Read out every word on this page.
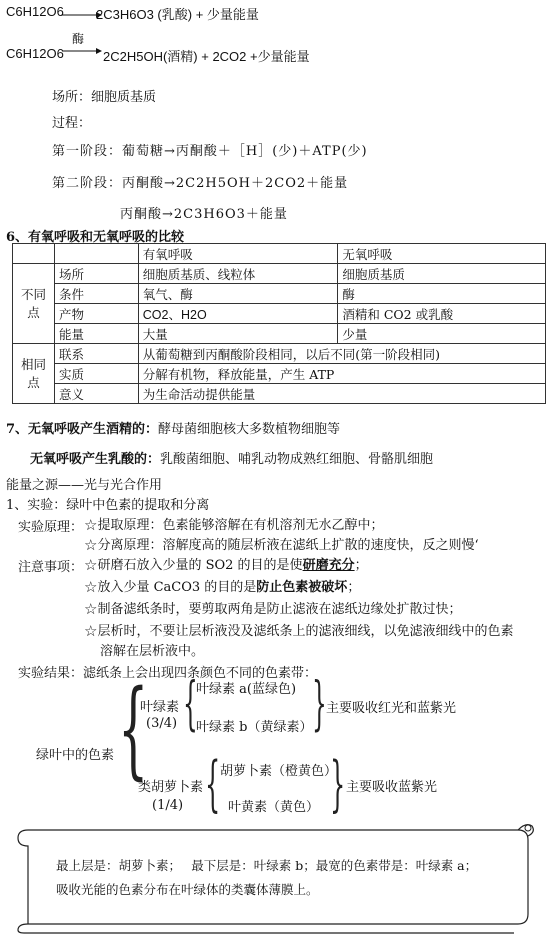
C6H12O6 2C3H6O3 (乳酸) + 少量能量
C6H12O6
酶
2C2H5OH(酒精) + 2CO2 +少量能量
场所：细胞质基质
过程：
第一阶段：葡萄糖→丙酮酸＋［H］(少)＋ATP(少)
第二阶段：丙酮酸→2C2H5OH＋2CO2＋能量
丙酮酸→2C3H6O3＋能量
6、有氧呼吸和无氧呼吸的比较
		有氧呼吸	无氧呼吸
不同点	场所	细胞质基质、线粒体	细胞质基质
	条件	氧气、酶	酶
	产物	CO2、H2O	酒精和 CO2 或乳酸
	能量	大量	少量
相同点	联系	从葡萄糖到丙酮酸阶段相同，以后不同(第一阶段相同)	
	实质	分解有机物，释放能量，产生 ATP	
	意义	为生命活动提供能量	
7、无氧呼吸产生酒精的：酵母菌细胞核大多数植物细胞等
无氧呼吸产生乳酸的：乳酸菌细胞、哺乳动物成熟红细胞、骨骼肌细胞
能量之源——光与光合作用
1、实验：绿叶中色素的提取和分离
实验原理： ☆提取原理：色素能够溶解在有机溶剂无水乙醇中；
☆分离原理：溶解度高的随层析液在滤纸上扩散的速度快，反之则慢‘
注意事项： ☆研磨石放入少量的 SO2 的目的是使研磨充分；
☆放入少量 CaCO3 的目的是防止色素被破坏；
☆制备滤纸条时，要剪取两角是防止滤液在滤纸边缘处扩散过快；
☆层析时，不要让层析液没及滤纸条上的滤液细线，以免滤液细线中的色素
溶解在层析液中。
实验结果：滤纸条上会出现四条颜色不同的色素带：
绿叶中的色素 {
叶绿素
(3/4) {
叶绿素 a(蓝绿色)
叶绿素 b（黄绿素） } 主要吸收红光和蓝紫光
类胡萝卜素
(1/4) { 胡萝卜素（橙黄色）
叶黄素（黄色） } 主要吸收蓝紫光
最上层是：胡萝卜素；　 最下层是：叶绿素 b；最宽的色素带是：叶绿素 a；
吸收光能的色素分布在叶绿体的类囊体薄膜上。
